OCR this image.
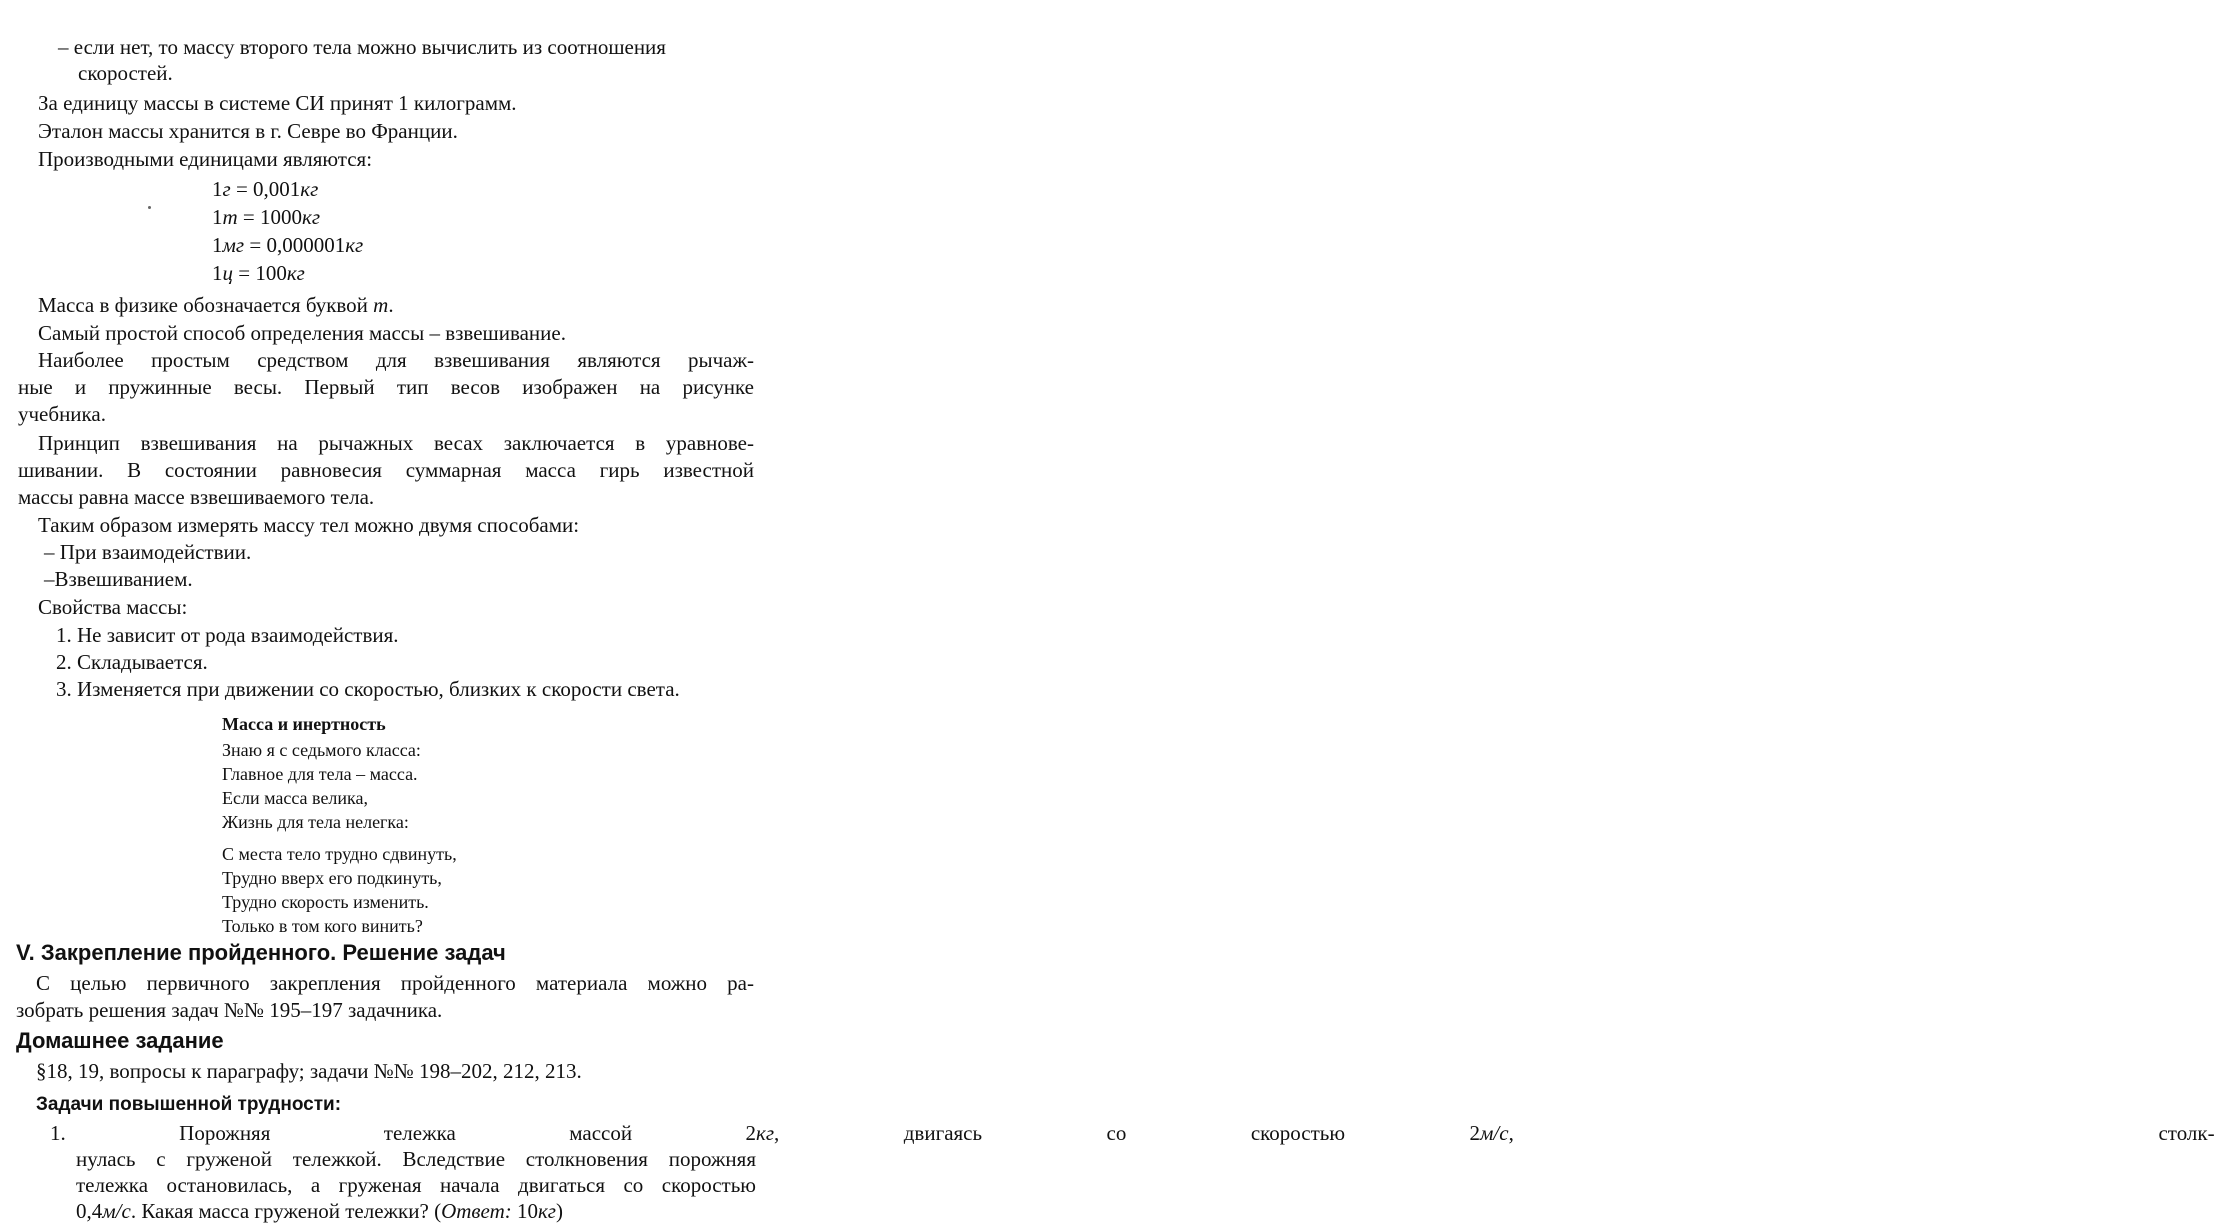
– если нет, то массу второго тела можно вычислить из соотношения
скоростей.
За единицу массы в системе СИ принят 1 килограмм.
Эталон массы хранится в г. Севре во Франции.
Производными единицами являются:
1г = 0,001кг
1т = 1000кг
1мг = 0,000001кг
1ц = 100кг
Масса в физике обозначается буквой m.
Самый простой способ определения массы – взвешивание.
Наиболее простым средством для взвешивания являются рычаж-
ные и пружинные весы. Первый тип весов изображен на рисунке
учебника.
Принцип взвешивания на рычажных весах заключается в уравнове-
шивании. В состоянии равновесия суммарная масса гирь известной
массы равна массе взвешиваемого тела.
Таким образом измерять массу тел можно двумя способами:
– При взаимодействии.
–Взвешиванием.
Свойства массы:
1. Не зависит от рода взаимодействия.
2. Складывается.
3. Изменяется при движении со скоростью, близких к скорости света.
Масса и инертность
Знаю я с седьмого класса:
Главное для тела – масса.
Если масса велика,
Жизнь для тела нелегка:
С места тело трудно сдвинуть,
Трудно вверх его подкинуть,
Трудно скорость изменить.
Только в том кого винить?
V. Закрепление пройденного. Решение задач
С целью первичного закрепления пройденного материала можно ра-
зобрать решения задач №№ 195–197 задачника.
Домашнее задание
§18, 19, вопросы к параграфу; задачи №№ 198–202, 212, 213.
Задачи повышенной трудности:
1. Порожняя тележка массой 2кг, двигаясь со скоростью 2м/с, столк-
нулась с груженой тележкой. Вследствие столкновения порожняя
тележка остановилась, а груженая начала двигаться со скоростью
0,4м/с. Какая масса груженой тележки? (Ответ: 10кг)
